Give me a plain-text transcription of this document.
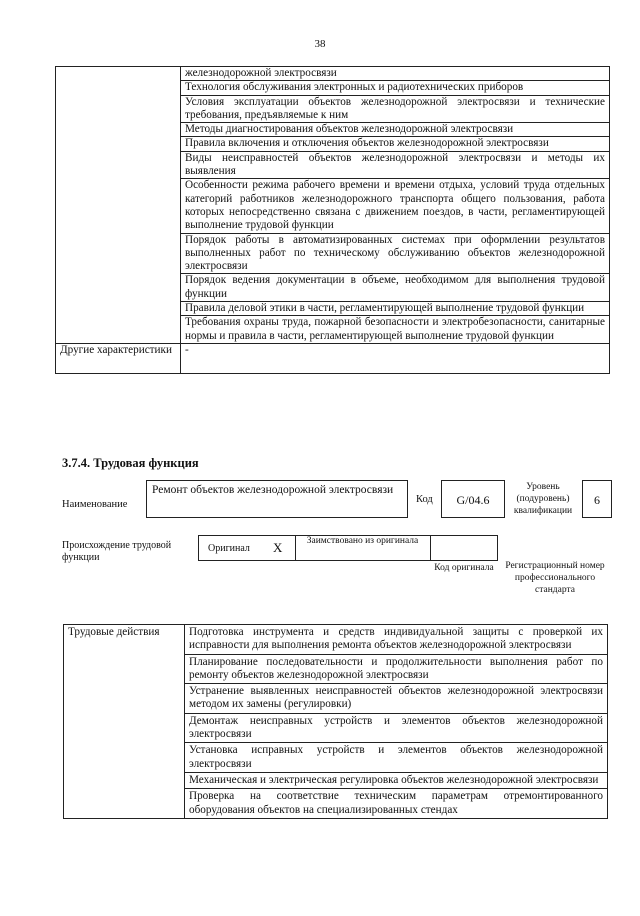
38
	железнодорожной электросвязи
	Технология обслуживания электронных и радиотехнических приборов
	Условия эксплуатации объектов железнодорожной электросвязи и технические требования, предъявляемые к ним
	Методы диагностирования объектов железнодорожной электросвязи
	Правила включения и отключения объектов железнодорожной электросвязи
	Виды неисправностей объектов железнодорожной электросвязи и методы их выявления
	Особенности режима рабочего времени и времени отдыха, условий труда отдельных категорий работников железнодорожного транспорта общего пользования, работа которых непосредственно связана с движением поездов, в части, регламентирующей выполнение трудовой функции
	Порядок работы в автоматизированных системах при оформлении результатов выполненных работ по техническому обслуживанию объектов железнодорожной электросвязи
	Порядок ведения документации в объеме, необходимом для выполнения трудовой функции
	Правила деловой этики в части, регламентирующей выполнение трудовой функции
	Требования охраны труда, пожарной безопасности и электробезопасности, санитарные нормы и правила в части, регламентирующей выполнение трудовой функции
Другие характеристики	-
3.7.4. Трудовая функция
Наименование
Ремонт объектов железнодорожной электросвязи
Код	G/04.6
Уровень (подуровень) квалификации
6
Происхождение трудовой функции
Оригинал X	Заимствовано из оригинала
Код оригинала Регистрационный номер профессионального стандарта
Трудовые действия	Подготовка инструмента и средств индивидуальной защиты с проверкой их исправности для выполнения ремонта объектов железнодорожной электросвязи
Планирование последовательности и продолжительности выполнения работ по ремонту объектов железнодорожной электросвязи
Устранение выявленных неисправностей объектов железнодорожной электросвязи методом их замены (регулировки)
Демонтаж неисправных устройств и элементов объектов железнодорожной электросвязи
Установка исправных устройств и элементов объектов железнодорожной электросвязи
Механическая и электрическая регулировка объектов железнодорожной электросвязи
Проверка на соответствие техническим параметрам отремонтированного оборудования объектов на специализированных стендах
